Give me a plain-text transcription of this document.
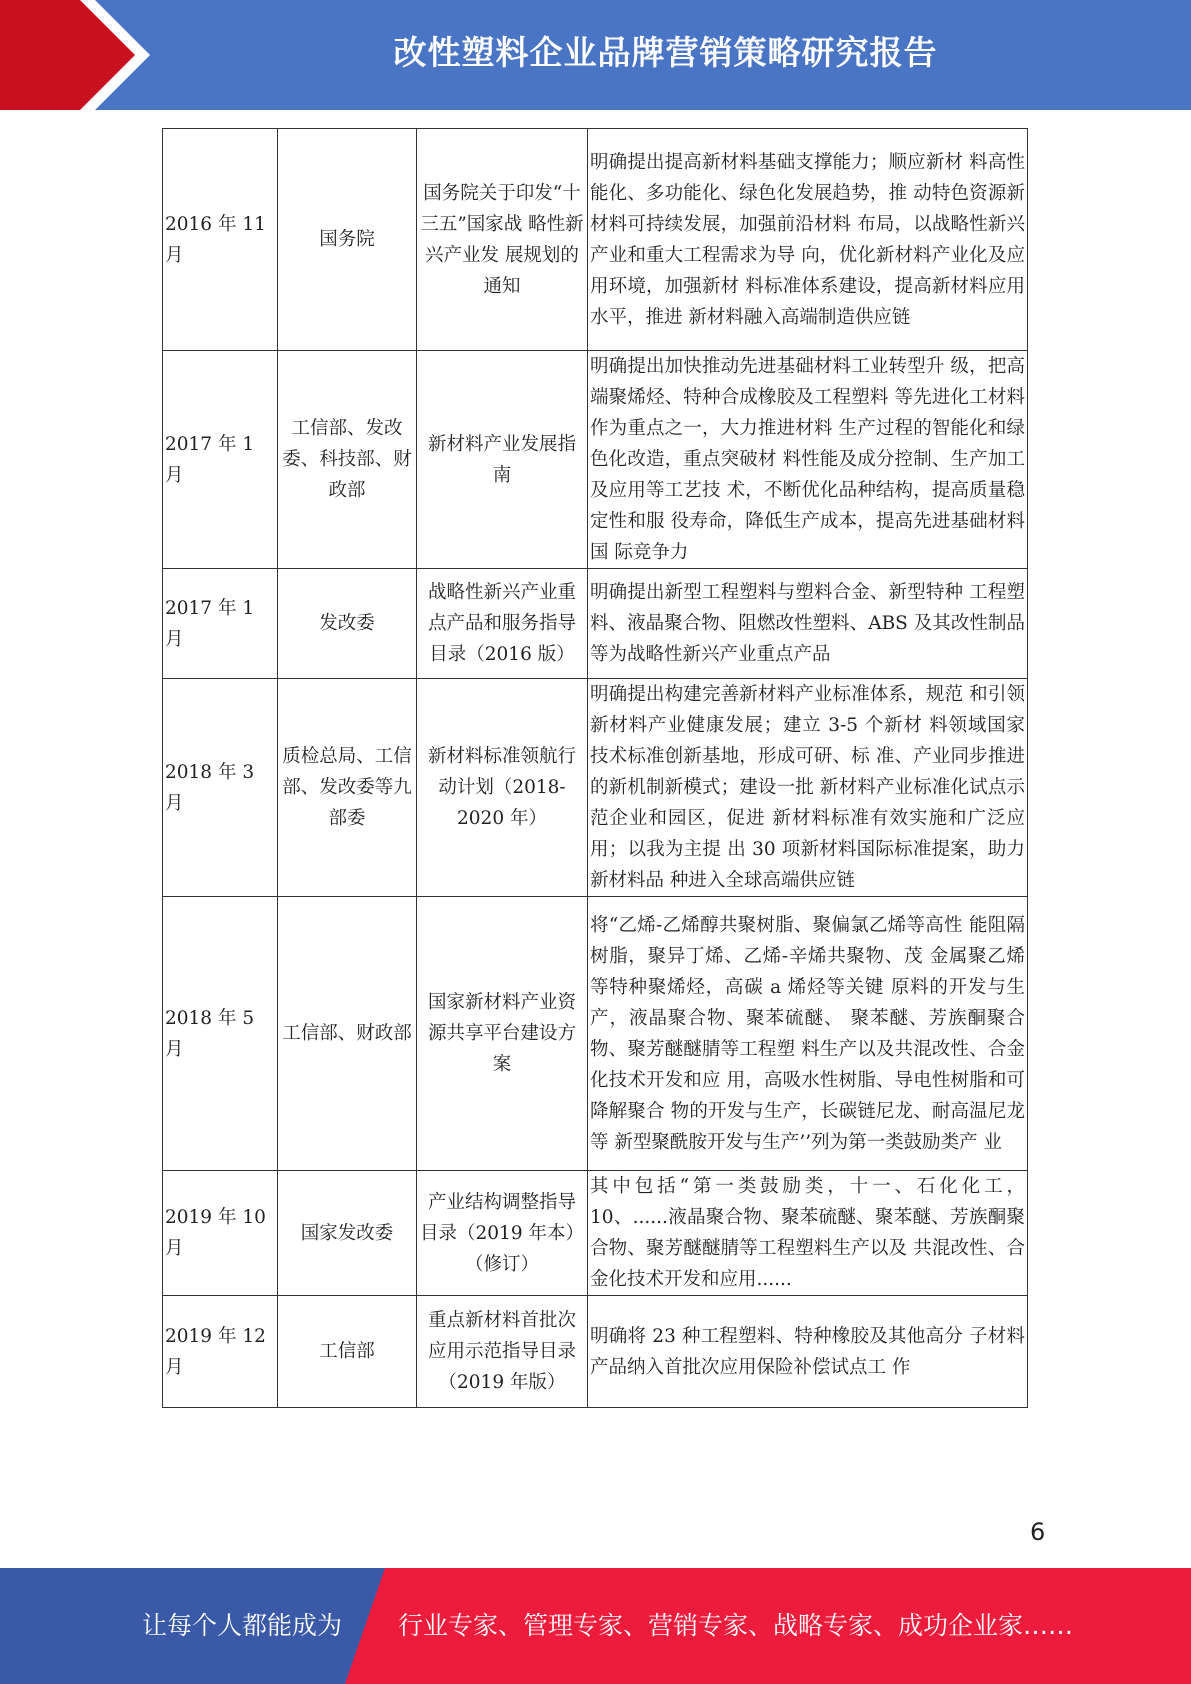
改性塑料企业品牌营销策略研究报告
2016 年 11 月	国务院	国务院关于印发“十三五”国家战 略性新兴产业发 展规划的通知	明确提出提高新材料基础支撑能力；顺应新材 料高性能化、多功能化、绿色化发展趋势，推 动特色资源新材料可持续发展，加强前沿材料 布局，以战略性新兴产业和重大工程需求为导 向，优化新材料产业化及应用环境，加强新材 料标准体系建设，提高新材料应用水平，推进 新材料融入高端制造供应链
2017 年 1 月	工信部、发改委、科技部、财政部	新材料产业发展指南	明确提出加快推动先进基础材料工业转型升 级，把高端聚烯烃、特种合成橡胶及工程塑料 等先进化工材料作为重点之一，大力推进材料 生产过程的智能化和绿色化改造，重点突破材 料性能及成分控制、生产加工及应用等工艺技 术，不断优化品种结构，提高质量稳定性和服 役寿命，降低生产成本，提高先进基础材料国 际竞争力
2017 年 1 月	发改委	战略性新兴产业重点产品和服务指导目录（2016 版）	明确提出新型工程塑料与塑料合金、新型特种 工程塑料、液晶聚合物、阻燃改性塑料、ABS 及其改性制品等为战略性新兴产业重点产品
2018 年 3 月	质检总局、工信部、发改委等九部委	新材料标准领航行动计划（2018-2020 年）	明确提出构建完善新材料产业标准体系，规范 和引领新材料产业健康发展；建立 3-5 个新材 料领域国家技术标准创新基地，形成可研、标 准、产业同步推进的新机制新模式；建设一批 新材料产业标准化试点示范企业和园区，促进 新材料标准有效实施和广泛应用；以我为主提 出 30 项新材料国际标准提案，助力新材料品 种进入全球高端供应链
2018 年 5 月	工信部、财政部	国家新材料产业资源共享平台建设方案	将“乙烯-乙烯醇共聚树脂、聚偏氯乙烯等高性 能阻隔树脂，聚异丁烯、乙烯-辛烯共聚物、茂 金属聚乙烯等特种聚烯烃，高碳 a 烯烃等关键 原料的开发与生产，液晶聚合物、聚苯硫醚、 聚苯醚、芳族酮聚合物、聚芳醚醚腈等工程塑 料生产以及共混改性、合金化技术开发和应 用，高吸水性树脂、导电性树脂和可降解聚合 物的开发与生产，长碳链尼龙、耐高温尼龙等 新型聚酰胺开发与生产’’列为第一类鼓励类产 业
2019 年 10 月	国家发改委	产业结构调整指导目录（2019 年本）（修订）	其中包括“第一类鼓励类，十一、石化化工，10、......液晶聚合物、聚苯硫醚、聚苯醚、芳族酮聚合物、聚芳醚醚腈等工程塑料生产以及 共混改性、合金化技术开发和应用......
2019 年 12 月	工信部	重点新材料首批次应用示范指导目录（2019 年版）	明确将 23 种工程塑料、特种橡胶及其他高分 子材料产品纳入首批次应用保险补偿试点工 作
6
让每个人都能成为 行业专家、管理专家、营销专家、战略专家、成功企业家……
